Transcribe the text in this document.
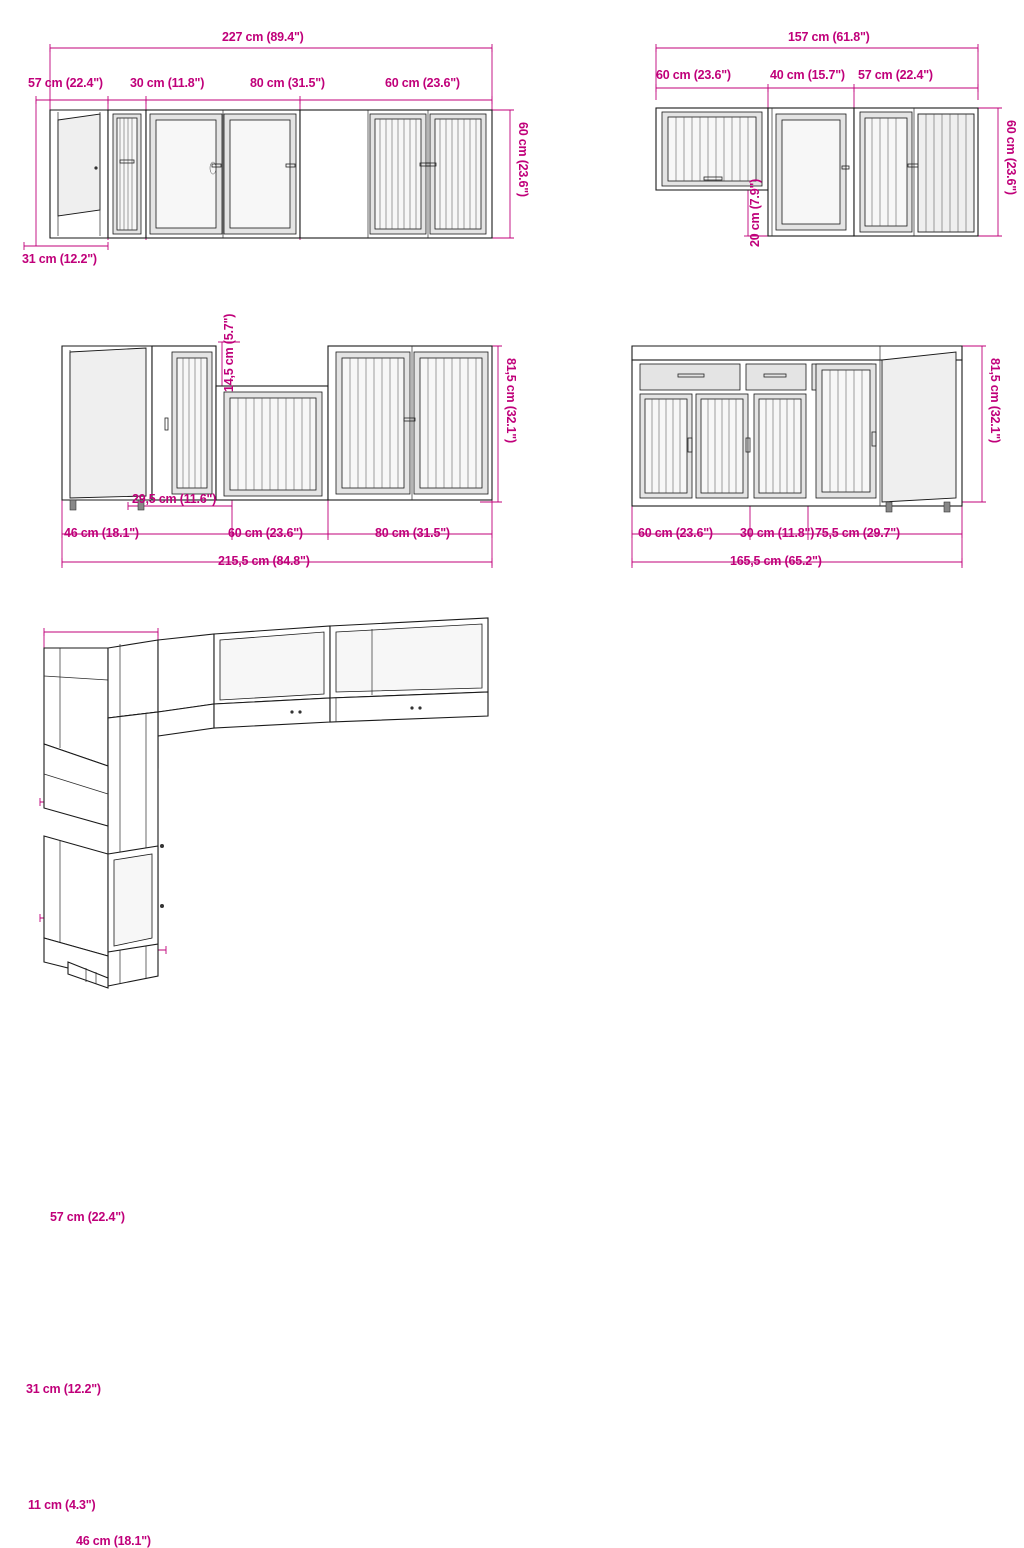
227 cm (89.4")
57 cm (22.4") 30 cm (11.8")	80 cm (31.5")	60 cm (23.6")
60 cm (23.6")
31 cm (12.2")
157 cm (61.8")
60 cm (23.6")	40 cm (15.7") 57 cm (22.4")
60 cm (23.6")
20 cm (7.9")
14,5 cm (5.7")
81,5 cm (32.1")
29,5 cm (11.6")
46 cm (18.1")	60 cm (23.6")	80 cm (31.5")
215,5 cm (84.8")
81,5 cm (32.1")
60 cm (23.6") 30 cm (11.8") 75,5 cm (29.7")
165,5 cm (65.2")
57 cm (22.4")
31 cm (12.2")
11 cm (4.3")
46 cm (18.1")
